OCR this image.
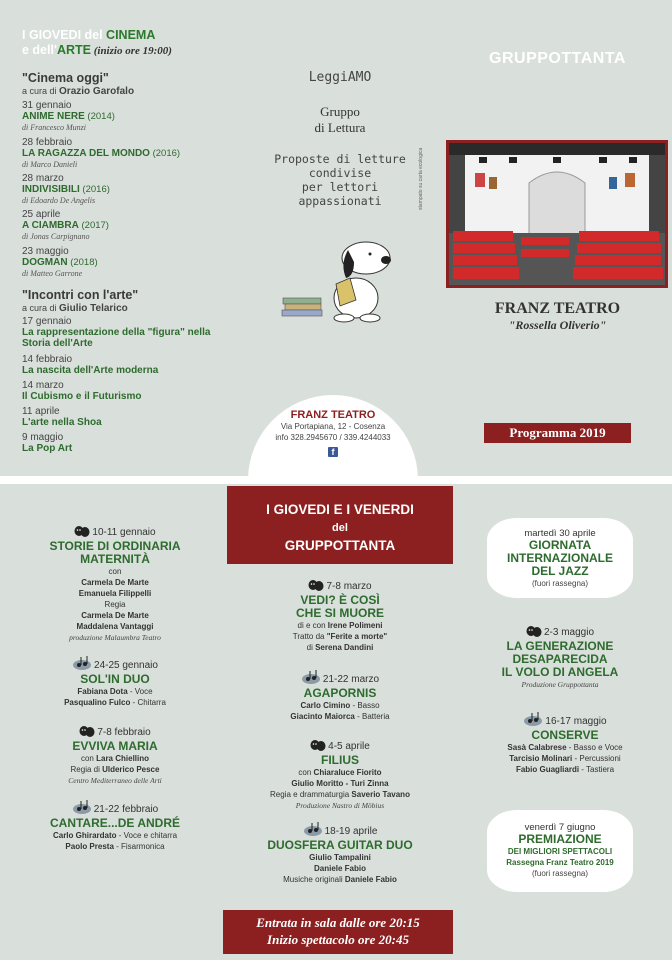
I GIOVEDI del CINEMA
e dell'ARTE (inizio ore 19:00)
"Cinema oggi"
a cura di Orazio Garofalo
31 gennaio
ANIME NERE (2014)
di Francesco Munzi
28 febbraio
LA RAGAZZA DEL MONDO (2016)
di Marco Danieli
28 marzo
INDIVISIBILI (2016)
di Edoardo De Angelis
25 aprile
A CIAMBRA (2017)
di Jonas Carpignano
23 maggio
DOGMAN (2018)
di Matteo Garrone
"Incontri con l'arte"
a cura di Giulio Telarico
17 gennaio
La rappresentazione della "figura" nella Storia dell'Arte
14 febbraio
La nascita dell'Arte moderna
14 marzo
Il Cubismo e il Futurismo
11 aprile
L'arte nella Shoa
9 maggio
La Pop Art
LeggiAMO
Gruppo
di Lettura
Proposte di letture
condivise
per lettori
appassionati	stampato su carta ecologica
FRANZ TEATRO
Via Portapiana, 12 - Cosenza
info 328.2945670 / 339.4244033
f
GRUPPOTTANTA
FRANZ TEATRO
"Rossella Oliverio"
Programma 2019
I GIOVEDI E I VENERDI
del
GRUPPOTTANTA
10-11 gennaio
STORIE DI ORDINARIA
MATERNITÀ
con
Carmela De Marte
Emanuela Filippelli
Regia
Carmela De Marte
Maddalena Vantaggi
produzione Malaumbra Teatro
24-25 gennaio
SOL'IN DUO
Fabiana Dota - Voce
Pasqualino Fulco - Chitarra
7-8 febbraio
EVVIVA MARIA
con Lara Chiellino
Regia di Ulderico Pesce
Centro Mediterraneo delle Arti
21-22 febbraio
CANTARE...DE ANDRÉ
Carlo Ghirardato - Voce e chitarra
Paolo Presta - Fisarmonica
7-8 marzo
VEDI? È COSÌ
CHE SI MUORE
di e con Irene Polimeni
Tratto da "Ferite a morte"
di Serena Dandini
21-22 marzo
AGAPORNIS
Carlo Cimino - Basso
Giacinto Maiorca - Batteria
4-5 aprile
FILIUS
con Chiaraluce Fiorito
Giulio Moritto - Turi Zinna
Regia e drammaturgia Saverio Tavano
Produzione Nastro di Möbius
18-19 aprile
DUOSFERA GUITAR DUO
Giulio Tampalini
Daniele Fabio
Musiche originali Daniele Fabio
martedì 30 aprile
GIORNATA
INTERNAZIONALE
DEL JAZZ
(fuori rassegna)
2-3 maggio
LA GENERAZIONE
DESAPARECIDA
IL VOLO DI ANGELA
Produzione Gruppottanta
16-17 maggio
CONSERVE
Sasà Calabrese - Basso e Voce
Tarcisio Molinari - Percussioni
Fabio Guagliardi - Tastiera
venerdì 7 giugno
PREMIAZIONE
DEI MIGLIORI SPETTACOLI
Rassegna Franz Teatro 2019
(fuori rassegna)
Entrata in sala dalle ore 20:15
Inizio spettacolo ore 20:45
